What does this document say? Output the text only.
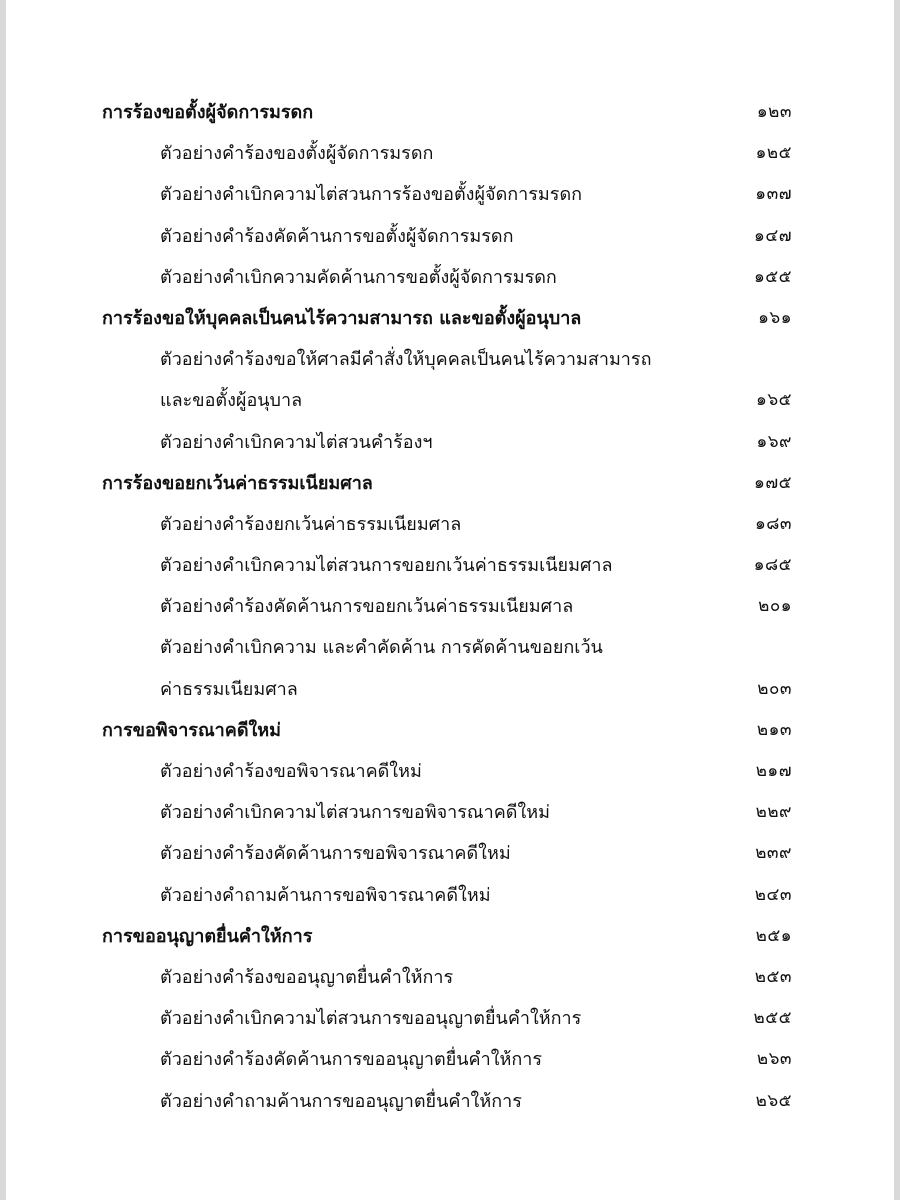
การร้องขอตั้งผู้จัดการมรดก	๑๒๓
ตัวอย่างคำร้องของตั้งผู้จัดการมรดก	๑๒๕
ตัวอย่างคำเบิกความไต่สวนการร้องขอตั้งผู้จัดการมรดก	๑๓๗
ตัวอย่างคำร้องคัดค้านการขอตั้งผู้จัดการมรดก	๑๔๗
ตัวอย่างคำเบิกความคัดค้านการขอตั้งผู้จัดการมรดก	๑๕๕
การร้องขอให้บุคคลเป็นคนไร้ความสามารถ และขอตั้งผู้อนุบาล	๑๖๑
ตัวอย่างคำร้องขอให้ศาลมีคำสั่งให้บุคคลเป็นคนไร้ความสามารถ
และขอตั้งผู้อนุบาล	๑๖๕
ตัวอย่างคำเบิกความไต่สวนคำร้องฯ	๑๖๙
การร้องขอยกเว้นค่าธรรมเนียมศาล	๑๗๕
ตัวอย่างคำร้องยกเว้นค่าธรรมเนียมศาล	๑๘๓
ตัวอย่างคำเบิกความไต่สวนการขอยกเว้นค่าธรรมเนียมศาล	๑๘๕
ตัวอย่างคำร้องคัดค้านการขอยกเว้นค่าธรรมเนียมศาล	๒๐๑
ตัวอย่างคำเบิกความ และคำคัดค้าน การคัดค้านขอยกเว้น
ค่าธรรมเนียมศาล	๒๐๓
การขอพิจารณาคดีใหม่	๒๑๓
ตัวอย่างคำร้องขอพิจารณาคดีใหม่	๒๑๗
ตัวอย่างคำเบิกความไต่สวนการขอพิจารณาคดีใหม่	๒๒๙
ตัวอย่างคำร้องคัดค้านการขอพิจารณาคดีใหม่	๒๓๙
ตัวอย่างคำถามค้านการขอพิจารณาคดีใหม่	๒๔๓
การขออนุญาตยื่นคำให้การ	๒๕๑
ตัวอย่างคำร้องขออนุญาตยื่นคำให้การ	๒๕๓
ตัวอย่างคำเบิกความไต่สวนการขออนุญาตยื่นคำให้การ	๒๕๕
ตัวอย่างคำร้องคัดค้านการขออนุญาตยื่นคำให้การ	๒๖๓
ตัวอย่างคำถามค้านการขออนุญาตยื่นคำให้การ	๒๖๕
